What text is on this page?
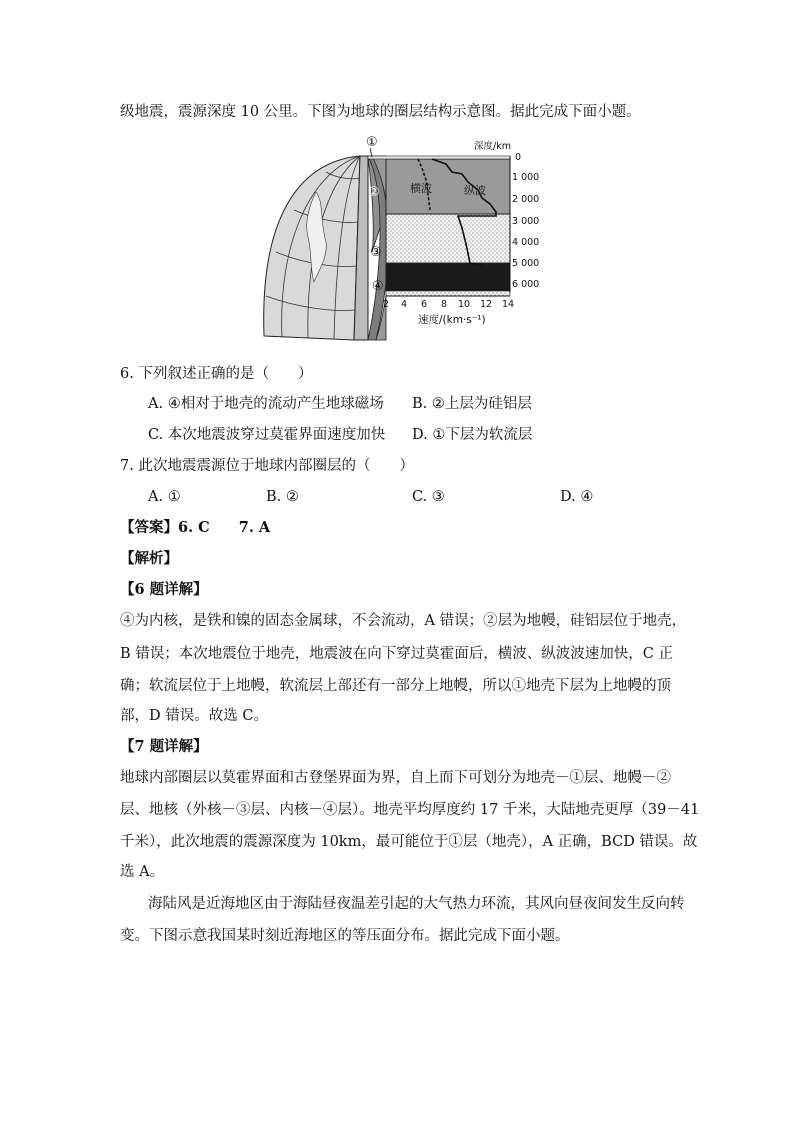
级地震，震源深度 10 公里。下图为地球的圈层结构示意图。据此完成下面小题。
横波	纵波
①
②
③
④
深度/km
0
1 000
2 000
3 000
4 000
5 000
6 000
2 4 6 8 10 12 14
速度/(km·s⁻¹)
6. 下列叙述正确的是（　　）
A. ④相对于地壳的流动产生地球磁场 B. ②上层为硅铝层
C. 本次地震波穿过莫霍界面速度加快 D. ①下层为软流层
7. 此次地震震源位于地球内部圈层的（　　）
A. ①	B. ②	C. ③	D. ④
【答案】6. C　　7. A
【解析】
【6 题详解】
④为内核，是铁和镍的固态金属球，不会流动，A 错误；②层为地幔，硅铝层位于地壳，
B 错误；本次地震位于地壳，地震波在向下穿过莫霍面后，横波、纵波波速加快，C 正
确；软流层位于上地幔，软流层上部还有一部分上地幔，所以①地壳下层为上地幔的顶
部，D 错误。故选 C。
【7 题详解】
地球内部圈层以莫霍界面和古登堡界面为界，自上而下可划分为地壳－①层、地幔－②
层、地核（外核－③层、内核－④层）。地壳平均厚度约 17 千米，大陆地壳更厚（39－41
千米），此次地震的震源深度为 10km，最可能位于①层（地壳），A 正确，BCD 错误。故
选 A。
海陆风是近海地区由于海陆昼夜温差引起的大气热力环流，其风向昼夜间发生反向转
变。下图示意我国某时刻近海地区的等压面分布。据此完成下面小题。
